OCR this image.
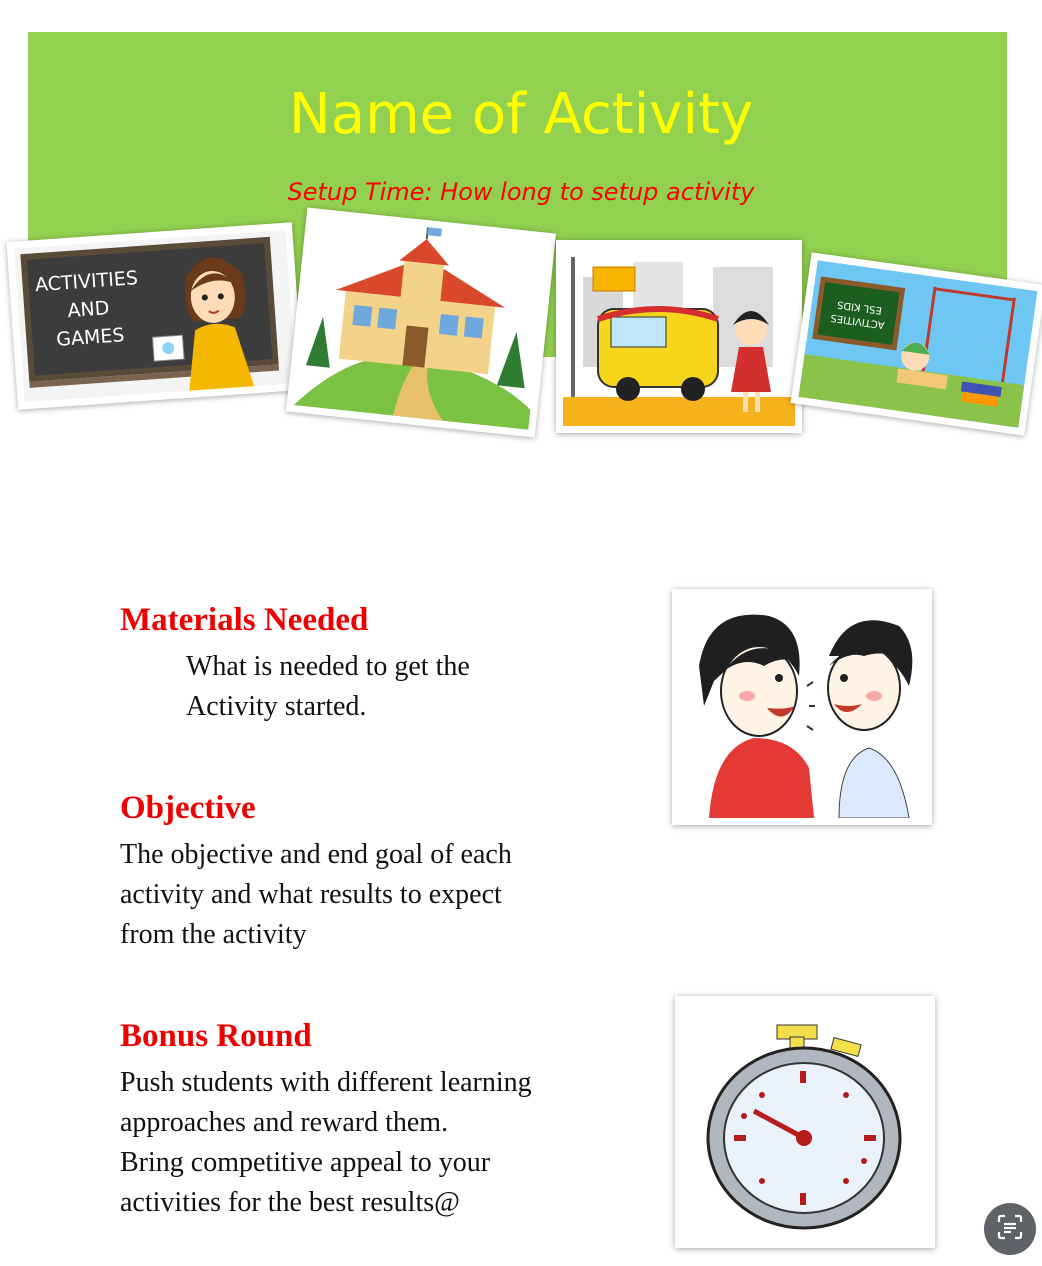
Name of Activity
Setup Time: How long to setup activity
ACTIVITIES
AND
GAMES
ESL KIDS
ACTIVITIES
Materials Needed
What is needed to get the
Activity started.
Objective
The objective and end goal of each
activity and what results to expect
from the activity
Bonus Round
Push students with different learning
approaches and reward them.
Bring competitive appeal to your
activities for the best results@
